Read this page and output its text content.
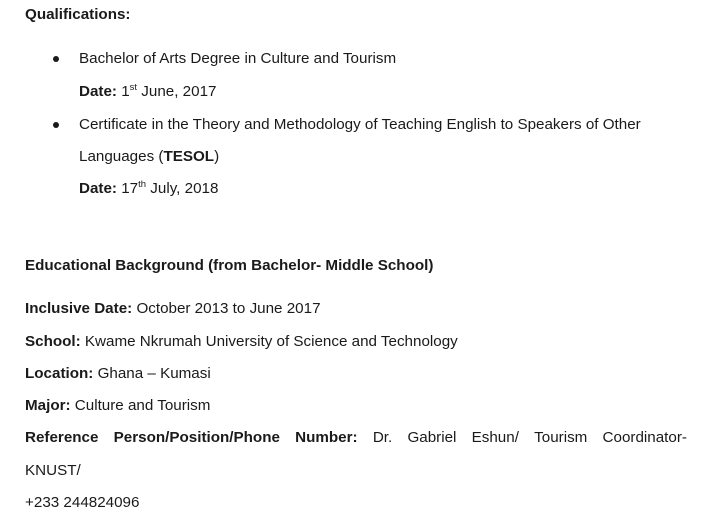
Qualifications:
Bachelor of Arts Degree in Culture and Tourism
Date: 1st June, 2017
Certificate in the Theory and Methodology of Teaching English to Speakers of Other
Languages (TESOL)
Date: 17th July, 2018
Educational Background (from Bachelor- Middle School)
Inclusive Date: October 2013 to June 2017
School: Kwame Nkrumah University of Science and Technology
Location: Ghana – Kumasi
Major: Culture and Tourism
Reference Person/Position/Phone Number: Dr. Gabriel Eshun/ Tourism Coordinator-
KNUST/
+233 244824096
